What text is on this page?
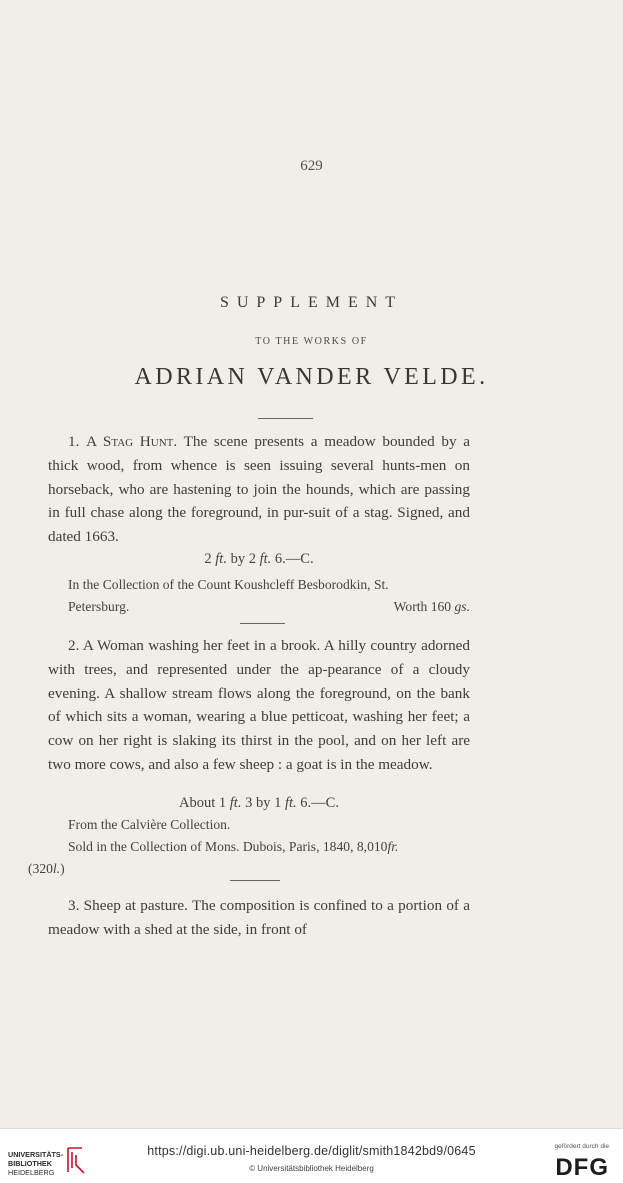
629
SUPPLEMENT
TO THE WORKS OF
ADRIAN VANDER VELDE.
1. A Stag Hunt. The scene presents a meadow bounded by a thick wood, from whence is seen issuing several hunts-men on horseback, who are hastening to join the hounds, which are passing in full chase along the foreground, in pur-suit of a stag. Signed, and dated 1663.
2 ft. by 2 ft. 6.—C.
In the Collection of the Count Koushcleff Besborodkin, St.
Petersburg.	Worth 160 gs.
2. A Woman washing her feet in a brook. A hilly country adorned with trees, and represented under the ap-pearance of a cloudy evening. A shallow stream flows along the foreground, on the bank of which sits a woman, wearing a blue petticoat, washing her feet; a cow on her right is slaking its thirst in the pool, and on her left are two more cows, and also a few sheep : a goat is in the meadow.
About 1 ft. 3 by 1 ft. 6.—C.
From the Calvière Collection.
Sold in the Collection of Mons. Dubois, Paris, 1840, 8,010fr.
(320l.)
3. Sheep at pasture. The composition is confined to a portion of a meadow with a shed at the side, in front of
UNIVERSITÄTS-
BIBLIOTHEK
HEIDELBERG
https://digi.ub.uni-heidelberg.de/diglit/smith1842bd9/0645
© Universitätsbibliothek Heidelberg
gefördert durch die
DFG
